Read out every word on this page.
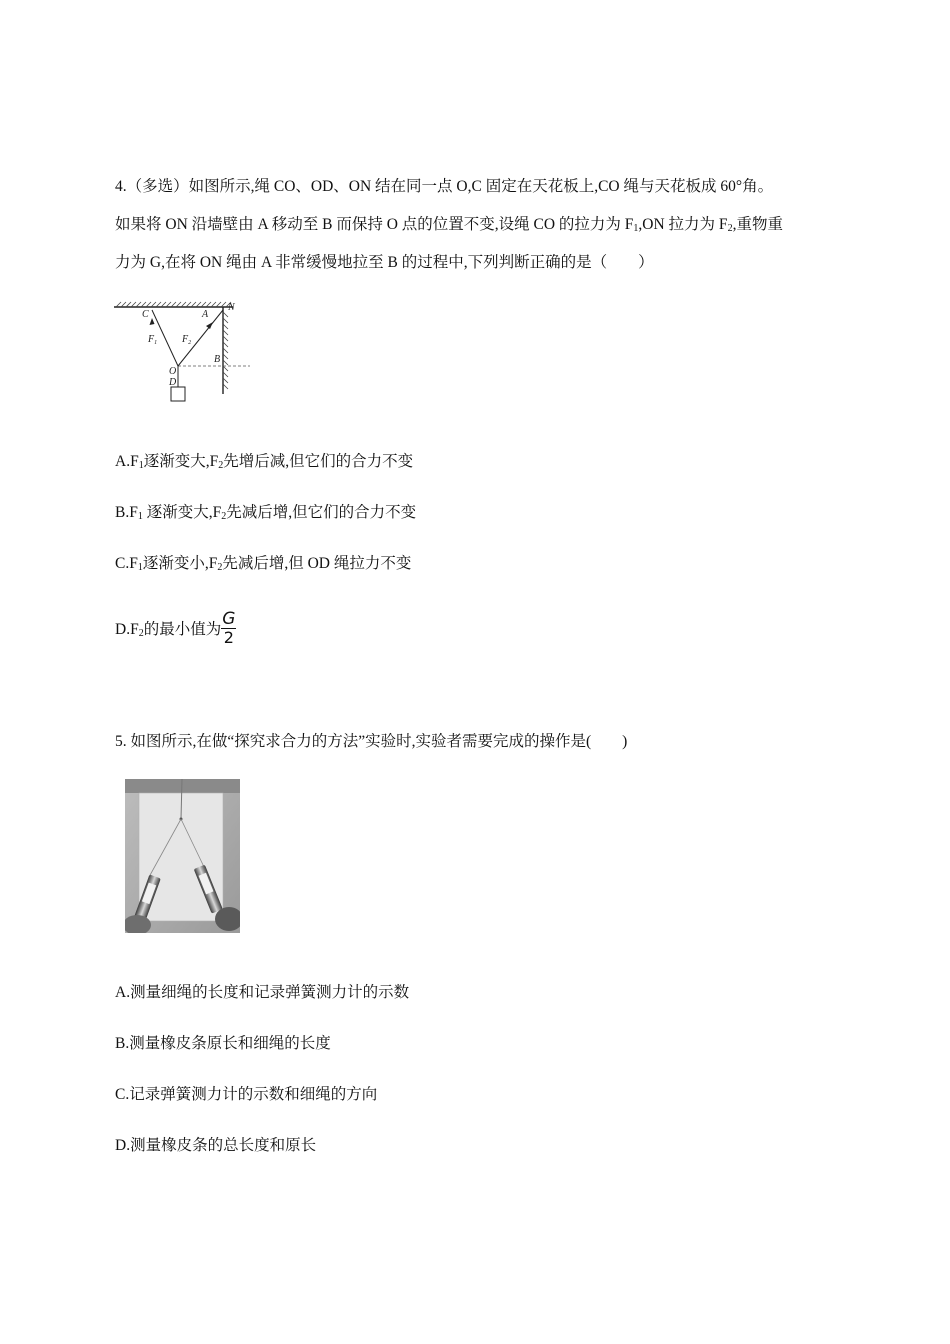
4.（多选）如图所示,绳 CO、OD、ON 结在同一点 O,C 固定在天花板上,CO 绳与天花板成 60°角。
如果将 ON 沿墙壁由 A 移动至 B 而保持 O 点的位置不变,设绳 CO 的拉力为 $F_1,ON$ 拉力为 $F_2$,重物重
力为 G,在将 ON 绳由 A 非常缓慢地拉至 B 的过程中,下列判断正确的是（　　）
C	A
N
$F_1$ $F_2$
B
O
D
$A.F_1$逐渐变大$,F_2$先增后减,但它们的合力不变
$B.F_1$ 逐渐变大$,F_2$先减后增,但它们的合力不变
$C.F_1$逐渐变小$,F_2$先减后增,但 OD 绳拉力不变
$D.F_2$的最小值为 $\frac{G}{2}$
5. 如图所示,在做“探究求合力的方法”实验时,实验者需要完成的操作是(　　)
A.测量细绳的长度和记录弹簧测力计的示数
B.测量橡皮条原长和细绳的长度
C.记录弹簧测力计的示数和细绳的方向
D.测量橡皮条的总长度和原长
